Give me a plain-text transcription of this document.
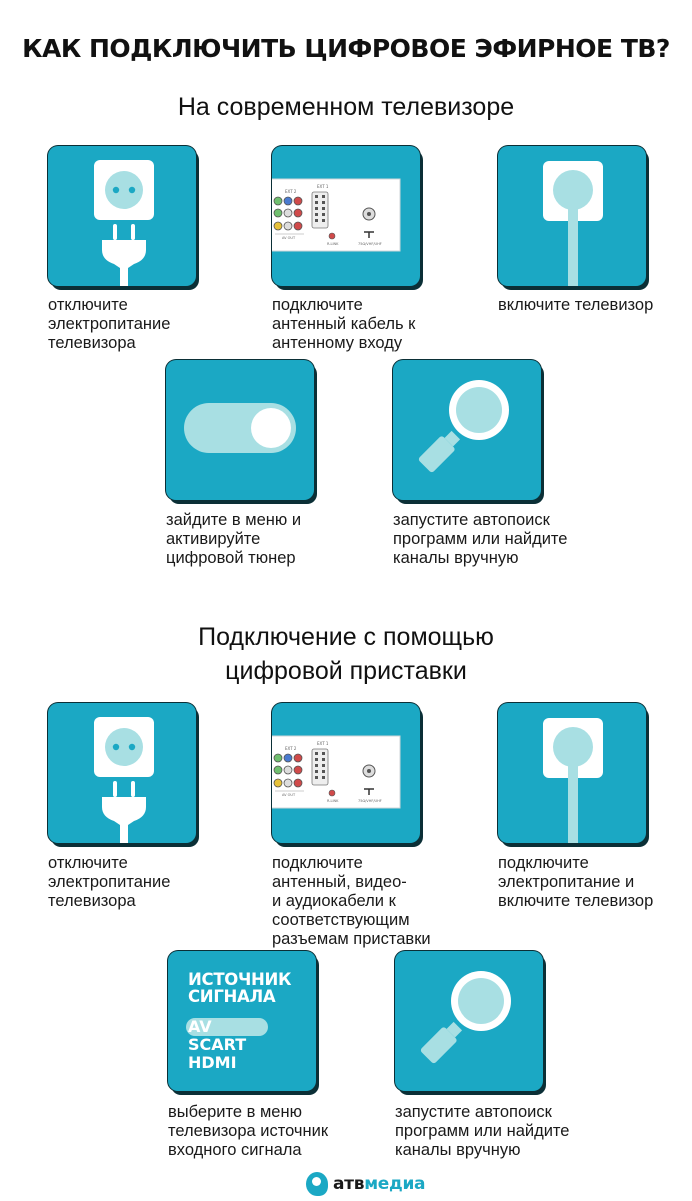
КАК ПОДКЛЮЧИТЬ ЦИФРОВОЕ ЭФИРНОЕ ТВ?
На современном телевизоре
отключите
электропитание
телевизора
подключите
антенный кабель к
антенному входу
включите телевизор
зайдите в меню и
активируйте
цифровой тюнер
запустите автопоиск
программ или найдите
каналы вручную
Подключение с помощью
цифровой приставки
отключите
электропитание
телевизора
подключите
антенный, видео-
и аудиокабели к
соответствующим
разъемам приставки
подключите
электропитание и
включите телевизор
ИСТОЧНИК
СИГНАЛА
AV
SCART
HDMI
выберите в меню
телевизора источник
входного сигнала
запустите автопоиск
программ или найдите
каналы вручную
атвмедиа
